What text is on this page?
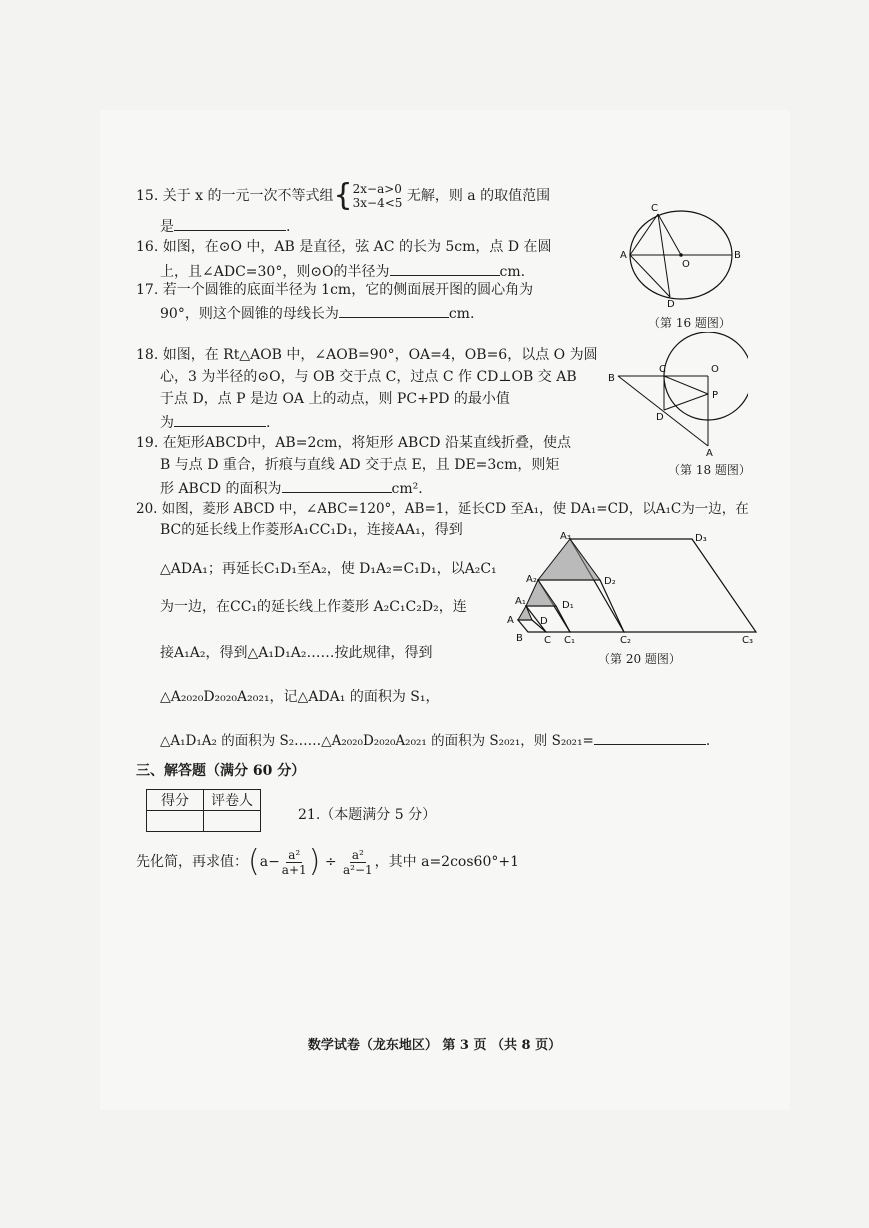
15. 关于 x 的一元一次不等式组{2x−a>0
3x−4<5 无解，则 a 的取值范围
是	.
16. 如图，在⊙O 中，AB 是直径，弦 AC 的长为 5cm，点 D 在圆
上，且∠ADC=30°，则⊙O的半径为	cm.
17. 若一个圆锥的底面半径为 1cm，它的侧面展开图的圆心角为
90°，则这个圆锥的母线长为	cm.
18. 如图，在 Rt△AOB 中，∠AOB=90°，OA=4，OB=6，以点 O 为圆
心，3 为半径的⊙O，与 OB 交于点 C，过点 C 作 CD⊥OB 交 AB
于点 D，点 P 是边 OA 上的动点，则 PC+PD 的最小值
为	.
19. 在矩形ABCD中，AB=2cm，将矩形 ABCD 沿某直线折叠，使点
B 与点 D 重合，折痕与直线 AD 交于点 E，且 DE=3cm，则矩
形 ABCD 的面积为	cm².
20. 如图，菱形 ABCD 中，∠ABC=120°，AB=1，延长CD 至A₁，使 DA₁=CD，以A₁C为一边，在
BC的延长线上作菱形A₁CC₁D₁，连接AA₁，得到
△ADA₁；再延长C₁D₁至A₂，使 D₁A₂=C₁D₁，以A₂C₁
为一边，在CC₁的延长线上作菱形 A₂C₁C₂D₂，连
接A₁A₂，得到△A₁D₁A₂……按此规律，得到
△A₂₀₂₀D₂₀₂₀A₂₀₂₁，记△ADA₁ 的面积为 S₁，
△A₁D₁A₂ 的面积为 S₂……△A₂₀₂₀D₂₀₂₀A₂₀₂₁ 的面积为 S₂₀₂₁，则 S₂₀₂₁=	.
三、解答题（满分 60 分）
得分	评卷人

21.（本题满分 5 分）
先化简，再求值：($a- \frac{\text{a²}}{a+1}$ ) ÷ $\frac{\text{a²}}{\text{a²−1}}$ ，其中 a=2cos60°+1
C
A
O
B
D
（第 16 题图）
B
C	O
D
P
A
（第 18 题图）
A
B C
D
A₁	D₁
C₁
A₂	D₂
C₂
A₃	D₃
C₃
（第 20 题图）
数学试卷（龙东地区） 第 3 页 （共 8 页）
